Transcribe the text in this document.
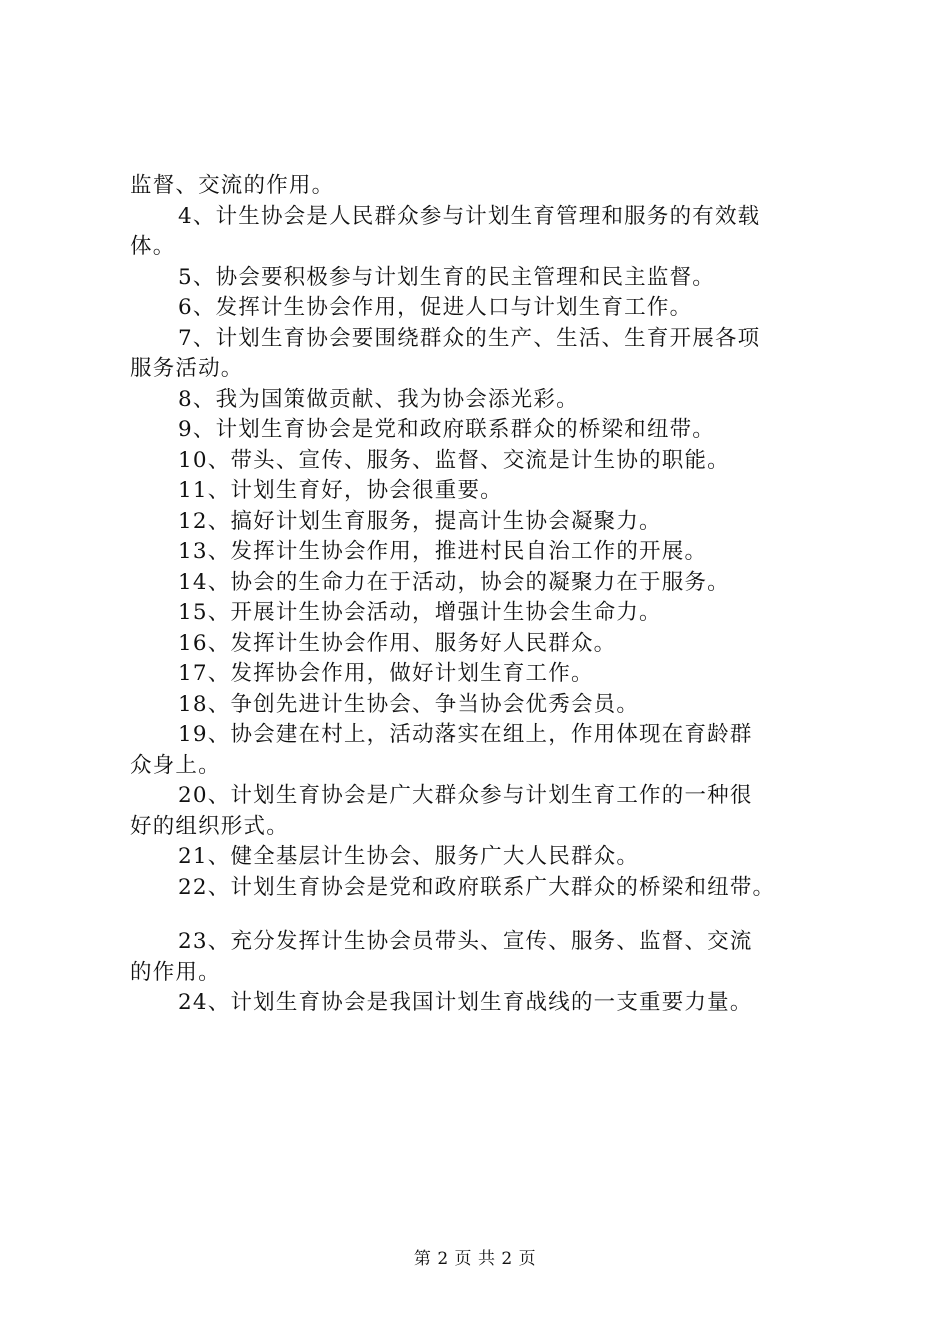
监督、交流的作用。
4、计生协会是人民群众参与计划生育管理和服务的有效载
体。
5、协会要积极参与计划生育的民主管理和民主监督。
6、发挥计生协会作用，促进人口与计划生育工作。
7、计划生育协会要围绕群众的生产、生活、生育开展各项
服务活动。
8、我为国策做贡献、我为协会添光彩。
9、计划生育协会是党和政府联系群众的桥梁和纽带。
10、带头、宣传、服务、监督、交流是计生协的职能。
11、计划生育好，协会很重要。
12、搞好计划生育服务，提高计生协会凝聚力。
13、发挥计生协会作用，推进村民自治工作的开展。
14、协会的生命力在于活动，协会的凝聚力在于服务。
15、开展计生协会活动，增强计生协会生命力。
16、发挥计生协会作用、服务好人民群众。
17、发挥协会作用，做好计划生育工作。
18、争创先进计生协会、争当协会优秀会员。
19、协会建在村上，活动落实在组上，作用体现在育龄群
众身上。
20、计划生育协会是广大群众参与计划生育工作的一种很
好的组织形式。
21、健全基层计生协会、服务广大人民群众。
22、计划生育协会是党和政府联系广大群众的桥梁和纽带。
23、充分发挥计生协会员带头、宣传、服务、监督、交流
的作用。
24、计划生育协会是我国计划生育战线的一支重要力量。
第 2 页 共 2 页
